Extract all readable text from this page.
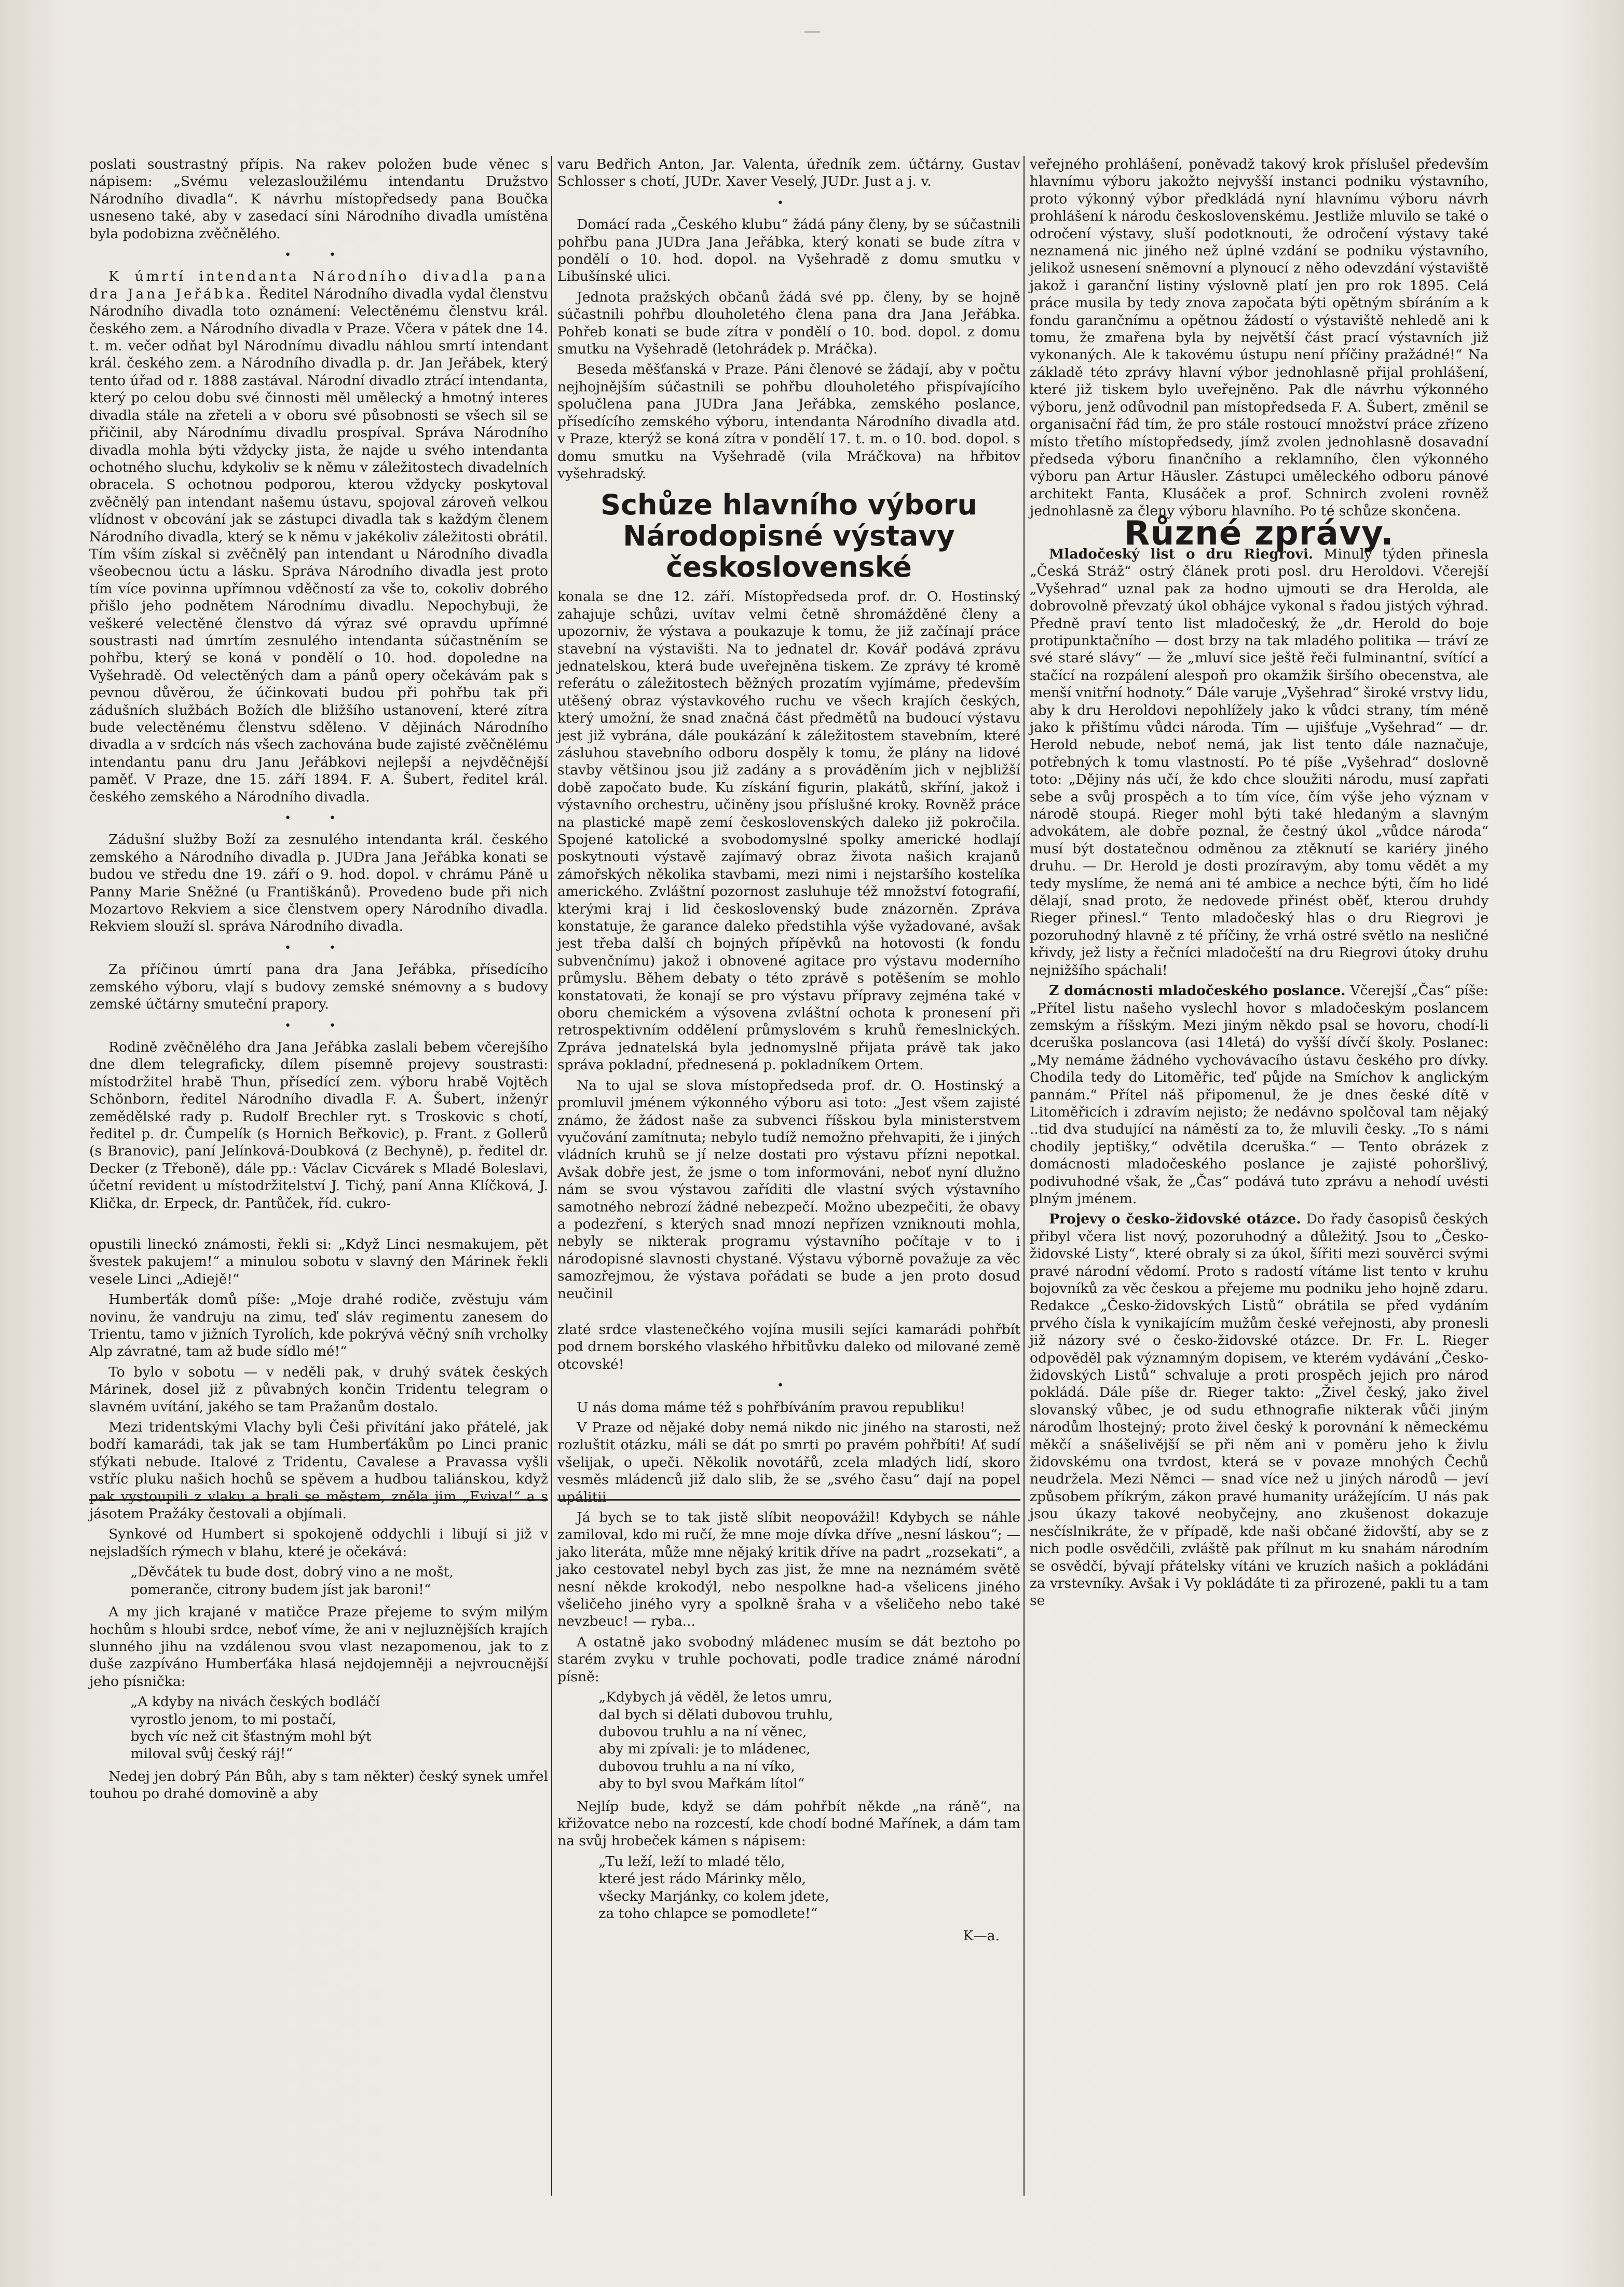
poslati soustrastný přípis. Na rakev položen bude věnec s nápisem: „Svému velezasloužilému intendantu Družstvo Národního divadla“. K návrhu místopředsedy pana Boučka usneseno také, aby v zasedací síni Národního divadla umístěna byla podobizna zvěčnělého.

• •

K úmrtí intendanta Národního divadla pana dra Jana Jeřábka. Ředitel Národního divadla vydal členstvu Národního divadla toto oznámení: Velectěnému členstvu král. českého zem. a Národního divadla v Praze. Včera v pátek dne 14. t. m. večer odňat byl Národnímu divadlu náhlou smrtí intendant král. českého zem. a Národního divadla p. dr. Jan Jeřábek, který tento úřad od r. 1888 zastával. Národní divadlo ztrácí intendanta, který po celou dobu své činnosti měl umělecký a hmotný interes divadla stále na zřeteli a v oboru své působnosti se všech sil se přičinil, aby Národnímu divadlu prospíval. Správa Národního divadla mohla býti vždycky jista, že najde u svého intendanta ochotného sluchu, kdykoliv se k němu v záležitostech divadelních obracela. S ochotnou podporou, kterou vždycky poskytoval zvěčnělý pan intendant našemu ústavu, spojoval zároveň velkou vlídnost v obcování jak se zástupci divadla tak s každým členem Národního divadla, který se k němu v jakékoliv záležitosti obrátil. Tím vším získal si zvěčnělý pan intendant u Národního divadla všeobecnou úctu a lásku. Správa Národního divadla jest proto tím více povinna upřímnou vděčností za vše to, cokoliv dobrého přišlo jeho podnětem Národnímu divadlu. Nepochybuji, že veškeré velectěné členstvo dá výraz své opravdu upřímné soustrasti nad úmrtím zesnulého intendanta súčastněním se pohřbu, který se koná v pondělí o 10. hod. dopoledne na Vyšehradě. Od velectěných dam a pánů opery očekávám pak s pevnou důvěrou, že účinkovati budou při pohřbu tak při zádušních službách Božích dle bližšího ustanovení, které zítra bude velectěnému členstvu sdělenо. V dějinách Národního divadla a v srdcích nás všech zachována bude zajisté zvěčnělému intendantu panu dru Janu Jeřábkovi nejlepší a nejvděčnější paměť. V Praze, dne 15. září 1894. F. A. Šubert, ředitel král. českého zemského a Národního divadla.

• •

Zádušní služby Boží za zesnulého intendanta král. českého zemského a Národního divadla p. JUDra Jana Jeřábka konati se budou ve středu dne 19. září o 9. hod. dopol. v chrámu Páně u Panny Marie Sněžné (u Františkánů). Provedeno bude při nich Mozartovo Rekviem a sice členstvem opery Národního divadla. Rekviem slouží sl. správa Národního divadla.

• •

Za příčinou úmrtí pana dra Jana Jeřábka, přísedícího zemského výboru, vlají s budovy zemské snémovny a s budovy zemské účtárny smuteční prapory.

• •

Rodině zvěčnělého dra Jana Jeřábka zaslali bebem včerejšího dne dlem telegraficky, dílem písemně projevy soustrasti: místodržitel hrabě Thun, přísedící zem. výboru hrabě Vojtěch Schönborn, ředitel Národního divadla F. A. Šubert, inženýr zemědělské rady p. Rudolf Brechler ryt. s Troskovic s chotí, ředitel p. dr. Čumpelík (s Hornich Beřkovic), p. Frant. z Gollerů (s Branovic), paní Jelínková-Doubková (z Bechyně), p. ředitel dr. Decker (z Třeboně), dále pp.: Václav Cicvárek s Mladé Boleslavi, účetní revident u místodržitelství J. Tichý, paní Anna Klíčková, J. Klička, dr. Erpeck, dr. Pantůček, říd. cukro-

opustili lineckó známosti, řekli si: „Když Linci nesmakujem, pět švestek pakujem!“ a minulou sobotu v slavný den Márinek řekli vesele Linci „Adiejě!“

Humberťák domů píše: „Moje drahé rodiče, zvěstuju vám novinu, že vandruju na zimu, teď sláv regimentu zanesem do Trientu, tamo v jižních Tyrolích, kde pokrývá věčný sníh vrcholky Alp závratné, tam až bude sídlo mé!“

To bylo v sobotu — v neděli pak, v druhý svátek českých Márinek, dosel již z půvabných končin Tridentu telegram o slavném uvítání, jakého se tam Pražanům dostalo.

Mezi tridentskými Vlachy byli Češi přivítání jako přátelé, jak bodří kamarádi, tak jak se tam Humberťákům po Linci pranic sťýkati nebude. Italové z Tridentu, Cavalese a Pravassa vyšli vstříc pluku našich hochů se spěvem a hudbou taliánskou, když pak vystoupili z vlaku a brali se městem, zněla jim „Eviva!“ a s jásotem Pražáky čestovali a objímali.

Synkové od Humbert si spokojeně oddychli i libují si již v nejsladších rýmech v blahu, které je očekává:

„Děvčátek tu bude dost, dobrý vino a ne mošt,
pomeranče, citrony budem jíst jak baroni!“

A my jich krajané v matičce Praze přejeme to svým milým hochům s hloubi srdce, neboť víme, že ani v nejluznějších krajích slunného jihu na vzdálenou svou vlast nezapomenou, jak to z duše zazpíváno Humberťáka hlasá nejdojemněji a nejvroucnější jeho písnička:

„A kdyby na nivách českých bodláčí
vyrostlo jenom, to mi postačí,
bych víc než cit šťastným mohl být
miloval svůj český ráj!“

Nedej jen dobrý Pán Bůh, aby s tam někter) český synek umřel touhou po drahé domovině a aby

varu Bedřich Anton, Jar. Valenta, úředník zem. účtárny, Gustav Schlosser s chotí, JUDr. Xaver Veselý, JUDr. Just a j. v.

•

Domácí rada „Českého klubu“ žádá pány členy, by se súčastnili pohřbu pana JUDra Jana Jeřábka, který konati se bude zítra v pondělí o 10. hod. dopol. na Vyšehradě z domu smutku v Libušínské ulici.

Jednota pražských občanů žádá své pp. členy, by se hojně súčastnili pohřbu dlouholetého člena pana dra Jana Jeřábka. Pohřeb konati se bude zítra v pondělí o 10. bod. dopol. z domu smutku na Vyšehradě (letohrádek p. Mráčka).

Beseda měšťanská v Praze. Páni členové se žádají, aby v počtu nejhojnějším súčastnili se pohřbu dlouholetého přispívajícího spolučlena pana JUDra Jana Jeřábka, zemského poslance, přísedícího zemského výboru, intendanta Národního divadla atd. v Praze, kterýž se koná zítra v pondělí 17. t. m. o 10. bod. dopol. s domu smutku na Vyšehradě (vila Mráčkova) na hřbitov vyšehradský.

Schůze hlavního výboru Národopisné výstavy československé

konala se dne 12. září. Místopředseda prof. dr. O. Hostinský zahajuje schůzi, uvítav velmi četně shromážděné členy a upozorniv, že výstava a poukazuje k tomu, že již začínají práce stavební na výstavišti. Na to jednatel dr. Kovář podává zprávu jednatelskou, která bude uveřejněna tiskem. Ze zprávy té kromě referátu o záležitostech běžných prozatím vyjímáme, především utěšený obraz výstavkového ruchu ve všech krajích českých, který umožní, že snad značná část předmětů na budoucí výstavu jest již vybrána, dále poukázání k záležitostem stavebním, které zásluhou stavebního odboru dospěly k tomu, že plány na lidové stavby většinou jsou již zadány a s prováděním jich v nejbližší době započato bude. Ku získání figurin, plakátů, skříní, jakož i výstavního orchestru, učiněny jsou příslušné kroky. Rovněž práce na plastické mapě zemí československých daleko již pokročila. Spojené katolické a svobodomyslné spolky americké hodlají poskytnouti výstavě zajímavý obraz života našich krajanů zámořských několika stavbami, mezi nimi i nejstaršího kostelíka amerického. Zvláštní pozornost zasluhuje též množství fotografií, kterými kraj i lid československý bude znázorněn. Zpráva konstatuje, že garance daleko předstihla výše vyžadované, avšak jest třeba další ch bojných přípěvků na hotovosti (k fondu subvenčnímu) jakož i obnovené agitace pro výstavu moderního průmyslu. Během debaty o této zprávě s potěšením se mohlo konstatovati, že konají se pro výstavu přípravy zejména také v oboru chemickém a výsovena zvláštní ochota k pronesení při retrospektivním oddělení průmyslovém s kruhů řemeslnických. Zpráva jednatelská byla jednomyslně přijata právě tak jako správa pokladní, přednesená p. pokladníkem Ortem.

Na to ujal se slova místopředseda prof. dr. O. Hostinský a promluvil jménem výkonného výboru asi toto: „Jest všem zajisté známo, že žádost naše za subvenci říšskou byla ministerstvem vyučování zamítnuta; nebylo tudíž nemožno přehvapiti, že i jiných vládních kruhů se jí nelze dostati pro výstavu přízni nepotkal. Avšak dobře jest, že jsme o tom informováni, neboť nyní dlužno nám se svou výstavou zaříditi dle vlastní svých výstavního samotného nebrozí žádné nebezpečí. Možno ubezpečiti, že obavy a podezření, s kterých snad mnozí nepřízen vzniknouti mohla, nebyly se nikterak programu výstavního počítaje v to i národopisné slavnosti chystané. Výstavu výborně považuje za věc samozřejmou, že výstava pořádati se bude a jen proto dosud neučinil

zlaté srdce vlastenečkého vojína musili sejíci kamarádi pohřbít pod drnem borského vlaského hřbitůvku daleko od milované země otcovské!

•

U nás doma máme též s pohřbíváním pravou republiku!

V Praze od nějaké doby nemá nikdo nic jiného na starosti, než rozluštit otázku, máli se dát po smrti po pravém pohřbíti! Ať sudí všelijak, o upeči. Několik novotářů, zcela mladých lidí, skoro vesměs mládenců již dalo slib, že se „svého času“ dají na popel upálitii

Já bych se to tak jistě slíbit neopovážil! Kdybych se náhle zamiloval, kdo mi ručí, že mne moje dívka dříve „nesní láskou“; — jako literáta, může mne nějaký kritik dříve na padrt „rozsekati“, a jako cestovatel nebyl bych zas jist, že mne na neznámém světě nesní někde krokodýl, nebo nespolkne had-a všelicens jiného všeličeho jiného vyry a spolkně šraha v a všeličeho nebo také nevzbeuc! — ryba...

A ostatně jako svobodný mládenec musím se dát beztoho po starém zvyku v truhle pochovati, podle tradice známé národní písně:

„Kdybych já věděl, že letos umru,
dal bych si dělati dubovou truhlu,
dubovou truhlu a na ní věnec,
aby mi zpívali: je to mládenec,
dubovou truhlu a na ní víko,
aby to byl svou Mařkám lítol“

Nejlíp bude, když se dám pohřbít někde „na ráně“, na křižovatce nebo na rozcestí, kde chodí bodné Mařínek, a dám tam na svůj hrobeček kámen s nápisem:

„Tu leží, leží to mladé tělo,
které jest rádo Márinky mělo,
všecky Marjánky, co kolem jdete,
za toho chlapce se pomodlete!“

K—a.

veřejného prohlášení, poněvadž takový krok příslušel především hlavnímu výboru jakožto nejvyšší instanci podniku výstavního, proto výkonný výbor předkládá nyní hlavnímu výboru návrh prohlášení k národu československému. Jestliže mluvilo se také o odročení výstavy, sluší podotknouti, že odročení výstavy také neznamená nic jiného než úplné vzdání se podniku výstavního, jelikož usnesení sněmovní a plynoucí z něho odevzdání výstaviště jakož i garanční listiny výslovně platí jen pro rok 1895. Celá práce musila by tedy znova započata býti opětným sbíráním a k fondu garančnímu a opětnou žádostí o výstaviště nehledě ani k tomu, že zmařena byla by největší část prací výstavních již vykonaných. Ale k takovému ústupu není příčiny pražádné!“ Na základě této zprávy hlavní výbor jednohlasně přijal prohlášení, které již tiskem bylo uveřejněno. Pak dle návrhu výkonného výboru, jenž odůvodnil pan místopředseda F. A. Šubert, změnil se organisační řád tím, že pro stále rostoucí množství práce zřízeno místo třetího místopředsedy, jímž zvolen jednohlasně dosavadní předseda výboru finančního a reklamního, člen výkonného výboru pan Artur Häusler. Zástupci uměleckého odboru pánové architekt Fanta, Klusáček a prof. Schnirch zvoleni rovněž jednohlasně za členy výboru hlavního. Po té schůze skončena.

Různé zprávy.

Mladočeský list o dru Riegrovi. Minulý týden přinesla „Česká Stráž“ ostrý článek proti posl. dru Heroldovi. Včerejší „Vyšehrad“ uznal pak za hodno ujmouti se dra Herolda, ale dobrovolně převzatý úkol obhájce vykonal s řadou jistých výhrad. Předně praví tento list mladočeský, že „dr. Herold do boje protipunktačního — dost brzy na tak mladého politika — tráví ze své staré slávy“ — že „mluví sice ještě řeči fulminantní, svítící a stačící na rozpálení alespoň pro okamžik širšího obecenstva, ale menší vnitřní hodnoty.“ Dále varuje „Vyšehrad“ široké vrstvy lidu, aby k dru Heroldovi nepohlížely jako k vůdci strany, tím méně jako k přištímu vůdci národa. Tím — ujišťuje „Vyšehrad“ — dr. Herold nebude, neboť nemá, jak list tento dále naznačuje, potřebných k tomu vlastností. Po té píše „Vyšehrad“ doslovně toto: „Dějiny nás učí, že kdo chce sloužiti národu, musí zapřati sebe a svůj prospěch a to tím více, čím výše jeho význam v národě stoupá. Rieger mohl býti také hledaným a slavným advokátem, ale dobře poznal, že čestný úkol „vůdce národa“ musí být dostatečnou odměnou za ztěknutí se kariéry jiného druhu. — Dr. Herold je dosti prozíravým, aby tomu vědět a my tedy myslíme, že nemá ani té ambice a nechce býti, čím ho lidé dělají, snad proto, že nedovede přinést oběť, kterou druhdy Rieger přinesl.“ Tento mladočeský hlas o dru Riegrovi je pozoruhodný hlavně z té příčiny, že vrhá ostré světlo na nesličné křivdy, jež listy a řečníci mladočeští na dru Riegrovi útoky druhu nejnižšího spáchali!

Z domácnosti mladočeského poslance. Včerejší „Čas“ píše: „Přítel listu našeho vyslechl hovor s mladočeským poslancem zemským a říšským. Mezi jiným někdo psal se hovoru, chodí-li dceruška poslancova (asi 14letá) do vyšší dívčí školy. Poslanec: „My nemáme žádného vychovávacího ústavu českého pro dívky. Chodila tedy do Litoměřic, teď půjde na Smíchov k anglickým pannám.“ Přítel náš připomenul, že je dnes české dítě v Litoměřicích i zdravím nejisto; že nedávno spolčoval tam nějaký ..tid dva studující na náměstí za to, že mluvili česky. „To s námi chodily jeptišky,“ odvětila dceruška.“ — Tento obrázek z domácnosti mladočeského poslance je zajisté pohoršlivý, podivuhodné však, že „Čas“ podává tuto zprávu a nehodí uvésti plným jménem.

Projevy o česko-židovské otázce. Do řady časopisů českých přibyl včera list nový, pozoruhodný a důležitý. Jsou to „Česko-židovské Listy“, které obraly si za úkol, šířiti mezi souvěrci svými pravé národní vědomí. Proto s radostí vítáme list tento v kruhu bojovníků za věc českou a přejeme mu podniku jeho hojně zdaru. Redakce „Česko-židovských Listů“ obrátila se před vydáním prvého čísla k vynikajícím mužům české veřejnosti, aby pronesli již názory své o česko-židovské otázce. Dr. Fr. L. Rieger odpověděl pak významným dopisem, ve kterém vydávání „Česko-židovských Listů“ schvaluje a proti prospěch jejich pro národ pokládá. Dále píše dr. Rieger takto: „Živel český, jako živel slovanský vůbec, je od sudu ethnografie nikterak vůči jiným národům lhostejný; proto živel český k porovnání k německému měkčí a snášelivější se při něm ani v poměru jeho k živlu židovskému ona tvrdost, která se v povaze mnohých Čechů neudržela. Mezi Němci — snad více než u jiných národů — jeví způsobem příkrým, zákon pravé humanity urážejícím. U nás pak jsou úkazy takové neobyčejny, ano zkušenost dokazuje nesčíslnikráte, že v případě, kde naši občané židovští, aby se z nich podle osvědčili, zvláště pak přílnut m ku snahám národním se osvědčí, bývají přátelsky vítáni ve kruzích našich a pokládáni za vrstevníky. Avšak i Vy pokládáte ti za přirozené, pakli tu a tam se
